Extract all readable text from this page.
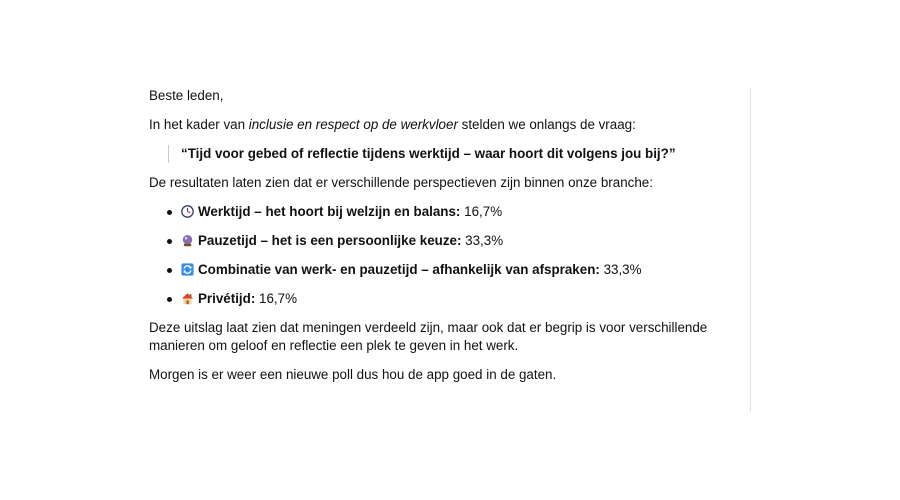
Beste leden,

In het kader van inclusie en respect op de werkvloer stelden we onlangs de vraag:

“Tijd voor gebed of reflectie tijdens werktijd – waar hoort dit volgens jou bij?”

De resultaten laten zien dat er verschillende perspectieven zijn binnen onze branche:

Werktijd – het hoort bij welzijn en balans: 16,7%
Pauzetijd – het is een persoonlijke keuze: 33,3%
Combinatie van werk- en pauzetijd – afhankelijk van afspraken: 33,3%
Privétijd: 16,7%

Deze uitslag laat zien dat meningen verdeeld zijn, maar ook dat er begrip is voor verschillende manieren om geloof en reflectie een plek te geven in het werk.

Morgen is er weer een nieuwe poll dus hou de app goed in de gaten.
